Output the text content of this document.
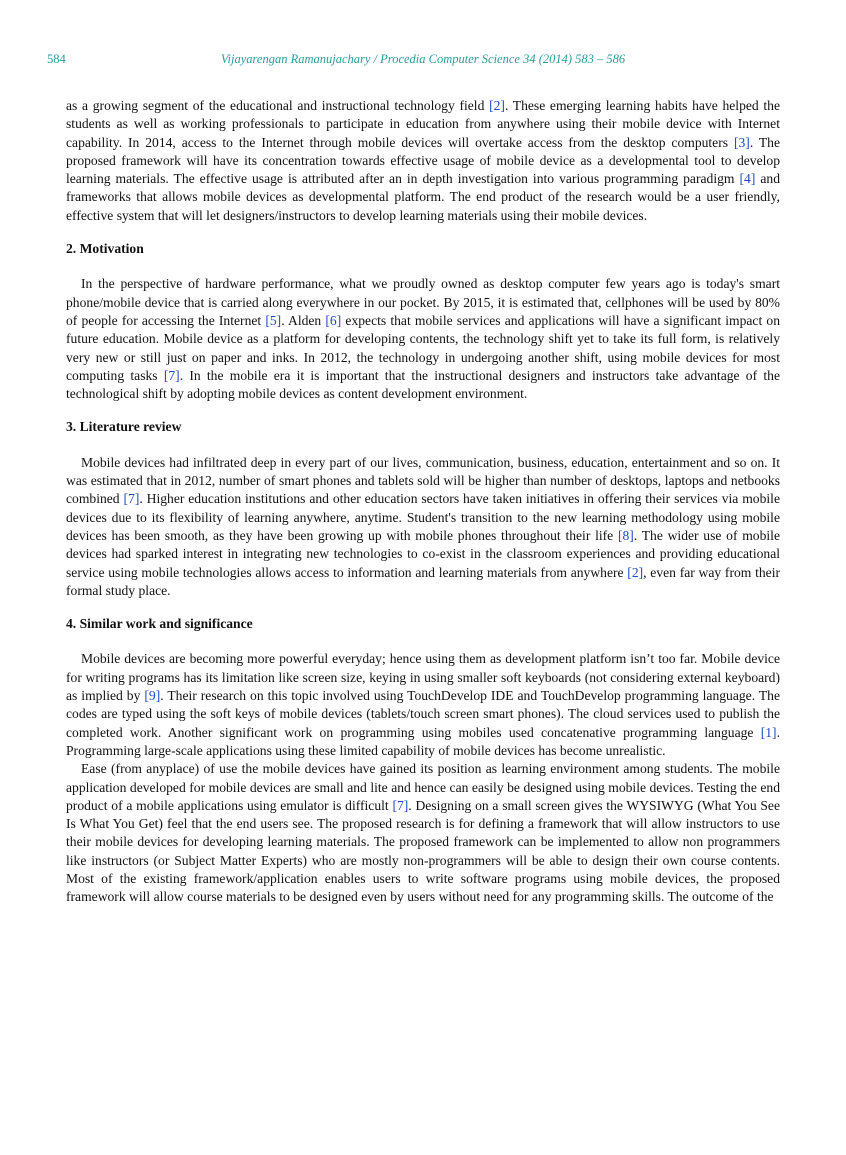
584	Vijayarengan Ramanujachary / Procedia Computer Science 34 (2014) 583 – 586

as a growing segment of the educational and instructional technology field [2]. These emerging learning habits have helped the students as well as working professionals to participate in education from anywhere using their mobile device with Internet capability. In 2014, access to the Internet through mobile devices will overtake access from the desktop computers [3]. The proposed framework will have its concentration towards effective usage of mobile device as a developmental tool to develop learning materials. The effective usage is attributed after an in depth investigation into various programming paradigm [4] and frameworks that allows mobile devices as developmental platform. The end product of the research would be a user friendly, effective system that will let designers/instructors to develop learning materials using their mobile devices.

2. Motivation

In the perspective of hardware performance, what we proudly owned as desktop computer few years ago is today's smart phone/mobile device that is carried along everywhere in our pocket. By 2015, it is estimated that, cellphones will be used by 80% of people for accessing the Internet [5]. Alden [6] expects that mobile services and applications will have a significant impact on future education. Mobile device as a platform for developing contents, the technology shift yet to take its full form, is relatively very new or still just on paper and inks. In 2012, the technology in undergoing another shift, using mobile devices for most computing tasks [7]. In the mobile era it is important that the instructional designers and instructors take advantage of the technological shift by adopting mobile devices as content development environment.

3. Literature review

Mobile devices had infiltrated deep in every part of our lives, communication, business, education, entertainment and so on. It was estimated that in 2012, number of smart phones and tablets sold will be higher than number of desktops, laptops and netbooks combined [7]. Higher education institutions and other education sectors have taken initiatives in offering their services via mobile devices due to its flexibility of learning anywhere, anytime. Student's transition to the new learning methodology using mobile devices has been smooth, as they have been growing up with mobile phones throughout their life [8]. The wider use of mobile devices had sparked interest in integrating new technologies to co-exist in the classroom experiences and providing educational service using mobile technologies allows access to information and learning materials from anywhere [2], even far way from their formal study place.

4. Similar work and significance

Mobile devices are becoming more powerful everyday; hence using them as development platform isn’t too far. Mobile device for writing programs has its limitation like screen size, keying in using smaller soft keyboards (not considering external keyboard) as implied by [9]. Their research on this topic involved using TouchDevelop IDE and TouchDevelop programming language. The codes are typed using the soft keys of mobile devices (tablets/touch screen smart phones). The cloud services used to publish the completed work. Another significant work on programming using mobiles used concatenative programming language [1]. Programming large-scale applications using these limited capability of mobile devices has become unrealistic.

Ease (from anyplace) of use the mobile devices have gained its position as learning environment among students. The mobile application developed for mobile devices are small and lite and hence can easily be designed using mobile devices. Testing the end product of a mobile applications using emulator is difficult [7]. Designing on a small screen gives the WYSIWYG (What You See Is What You Get) feel that the end users see. The proposed research is for defining a framework that will allow instructors to use their mobile devices for developing learning materials. The proposed framework can be implemented to allow non programmers like instructors (or Subject Matter Experts) who are mostly non-programmers will be able to design their own course contents. Most of the existing framework/application enables users to write software programs using mobile devices, the proposed framework will allow course materials to be designed even by users without need for any programming skills. The outcome of the
